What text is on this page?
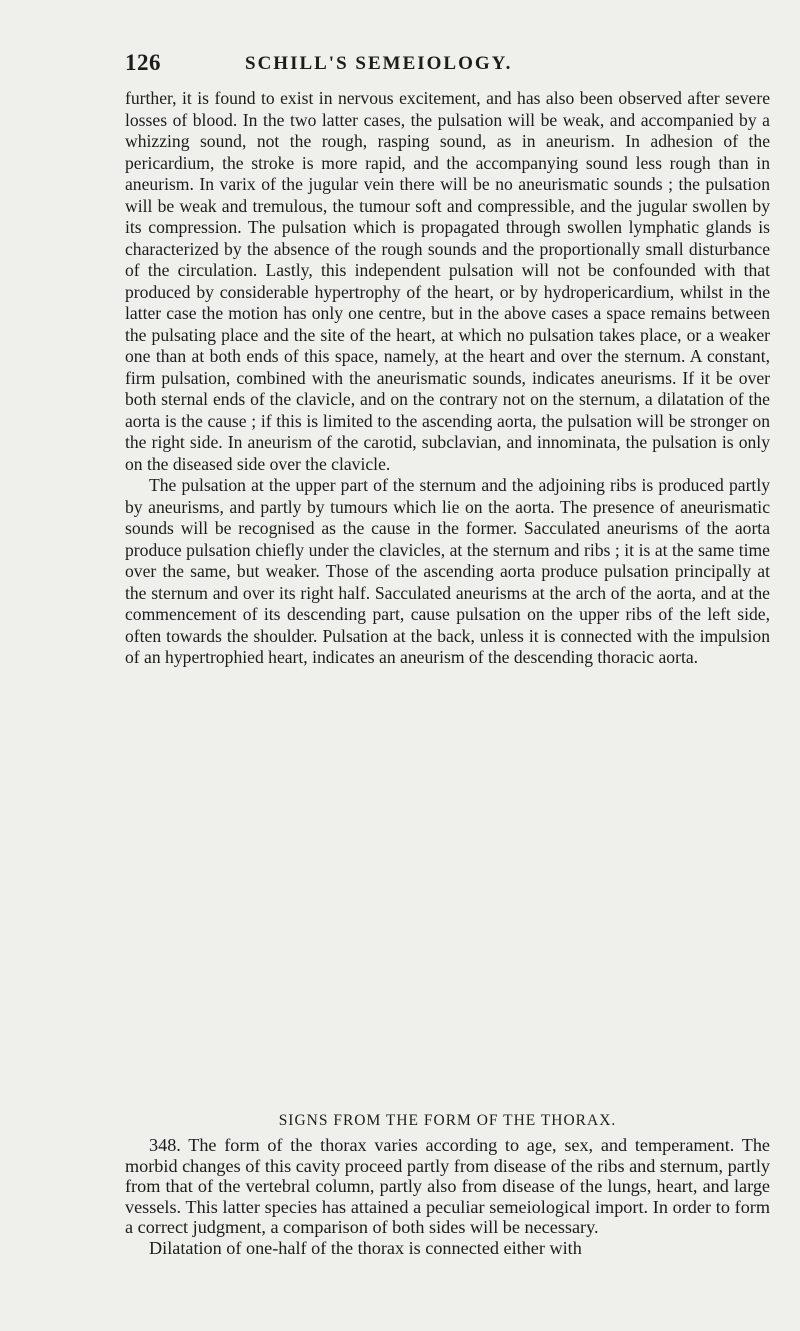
126	SCHILL'S SEMEIOLOGY.

further, it is found to exist in nervous excitement, and has also been observed after severe losses of blood. In the two latter cases, the pulsation will be weak, and accompanied by a whizzing sound, not the rough, rasping sound, as in aneurism. In adhesion of the pericardium, the stroke is more rapid, and the accompanying sound less rough than in aneurism. In varix of the jugular vein there will be no aneurismatic sounds ; the pulsation will be weak and tremulous, the tumour soft and compressible, and the jugular swollen by its compression. The pulsation which is propagated through swollen lymphatic glands is characterized by the absence of the rough sounds and the proportionally small disturbance of the circulation. Lastly, this independent pulsation will not be confounded with that produced by considerable hypertrophy of the heart, or by hydropericardium, whilst in the latter case the motion has only one centre, but in the above cases a space remains between the pulsating place and the site of the heart, at which no pulsation takes place, or a weaker one than at both ends of this space, namely, at the heart and over the sternum. A constant, firm pulsation, combined with the aneurismatic sounds, indicates aneurisms. If it be over both sternal ends of the clavicle, and on the contrary not on the sternum, a dilatation of the aorta is the cause ; if this is limited to the ascending aorta, the pulsation will be stronger on the right side. In aneurism of the carotid, subclavian, and innominata, the pulsation is only on the diseased side over the clavicle.

The pulsation at the upper part of the sternum and the adjoining ribs is produced partly by aneurisms, and partly by tumours which lie on the aorta. The presence of aneurismatic sounds will be recognised as the cause in the former. Sacculated aneurisms of the aorta produce pulsation chiefly under the clavicles, at the sternum and ribs ; it is at the same time over the same, but weaker. Those of the ascending aorta produce pulsation principally at the sternum and over its right half. Sacculated aneurisms at the arch of the aorta, and at the commencement of its descending part, cause pulsation on the upper ribs of the left side, often towards the shoulder. Pulsation at the back, unless it is connected with the impulsion of an hypertrophied heart, indicates an aneurism of the descending thoracic aorta.

SIGNS FROM THE FORM OF THE THORAX.

348. The form of the thorax varies according to age, sex, and temperament. The morbid changes of this cavity proceed partly from disease of the ribs and sternum, partly from that of the vertebral column, partly also from disease of the lungs, heart, and large vessels. This latter species has attained a peculiar semeiological import. In order to form a correct judgment, a comparison of both sides will be necessary.

Dilatation of one-half of the thorax is connected either with
